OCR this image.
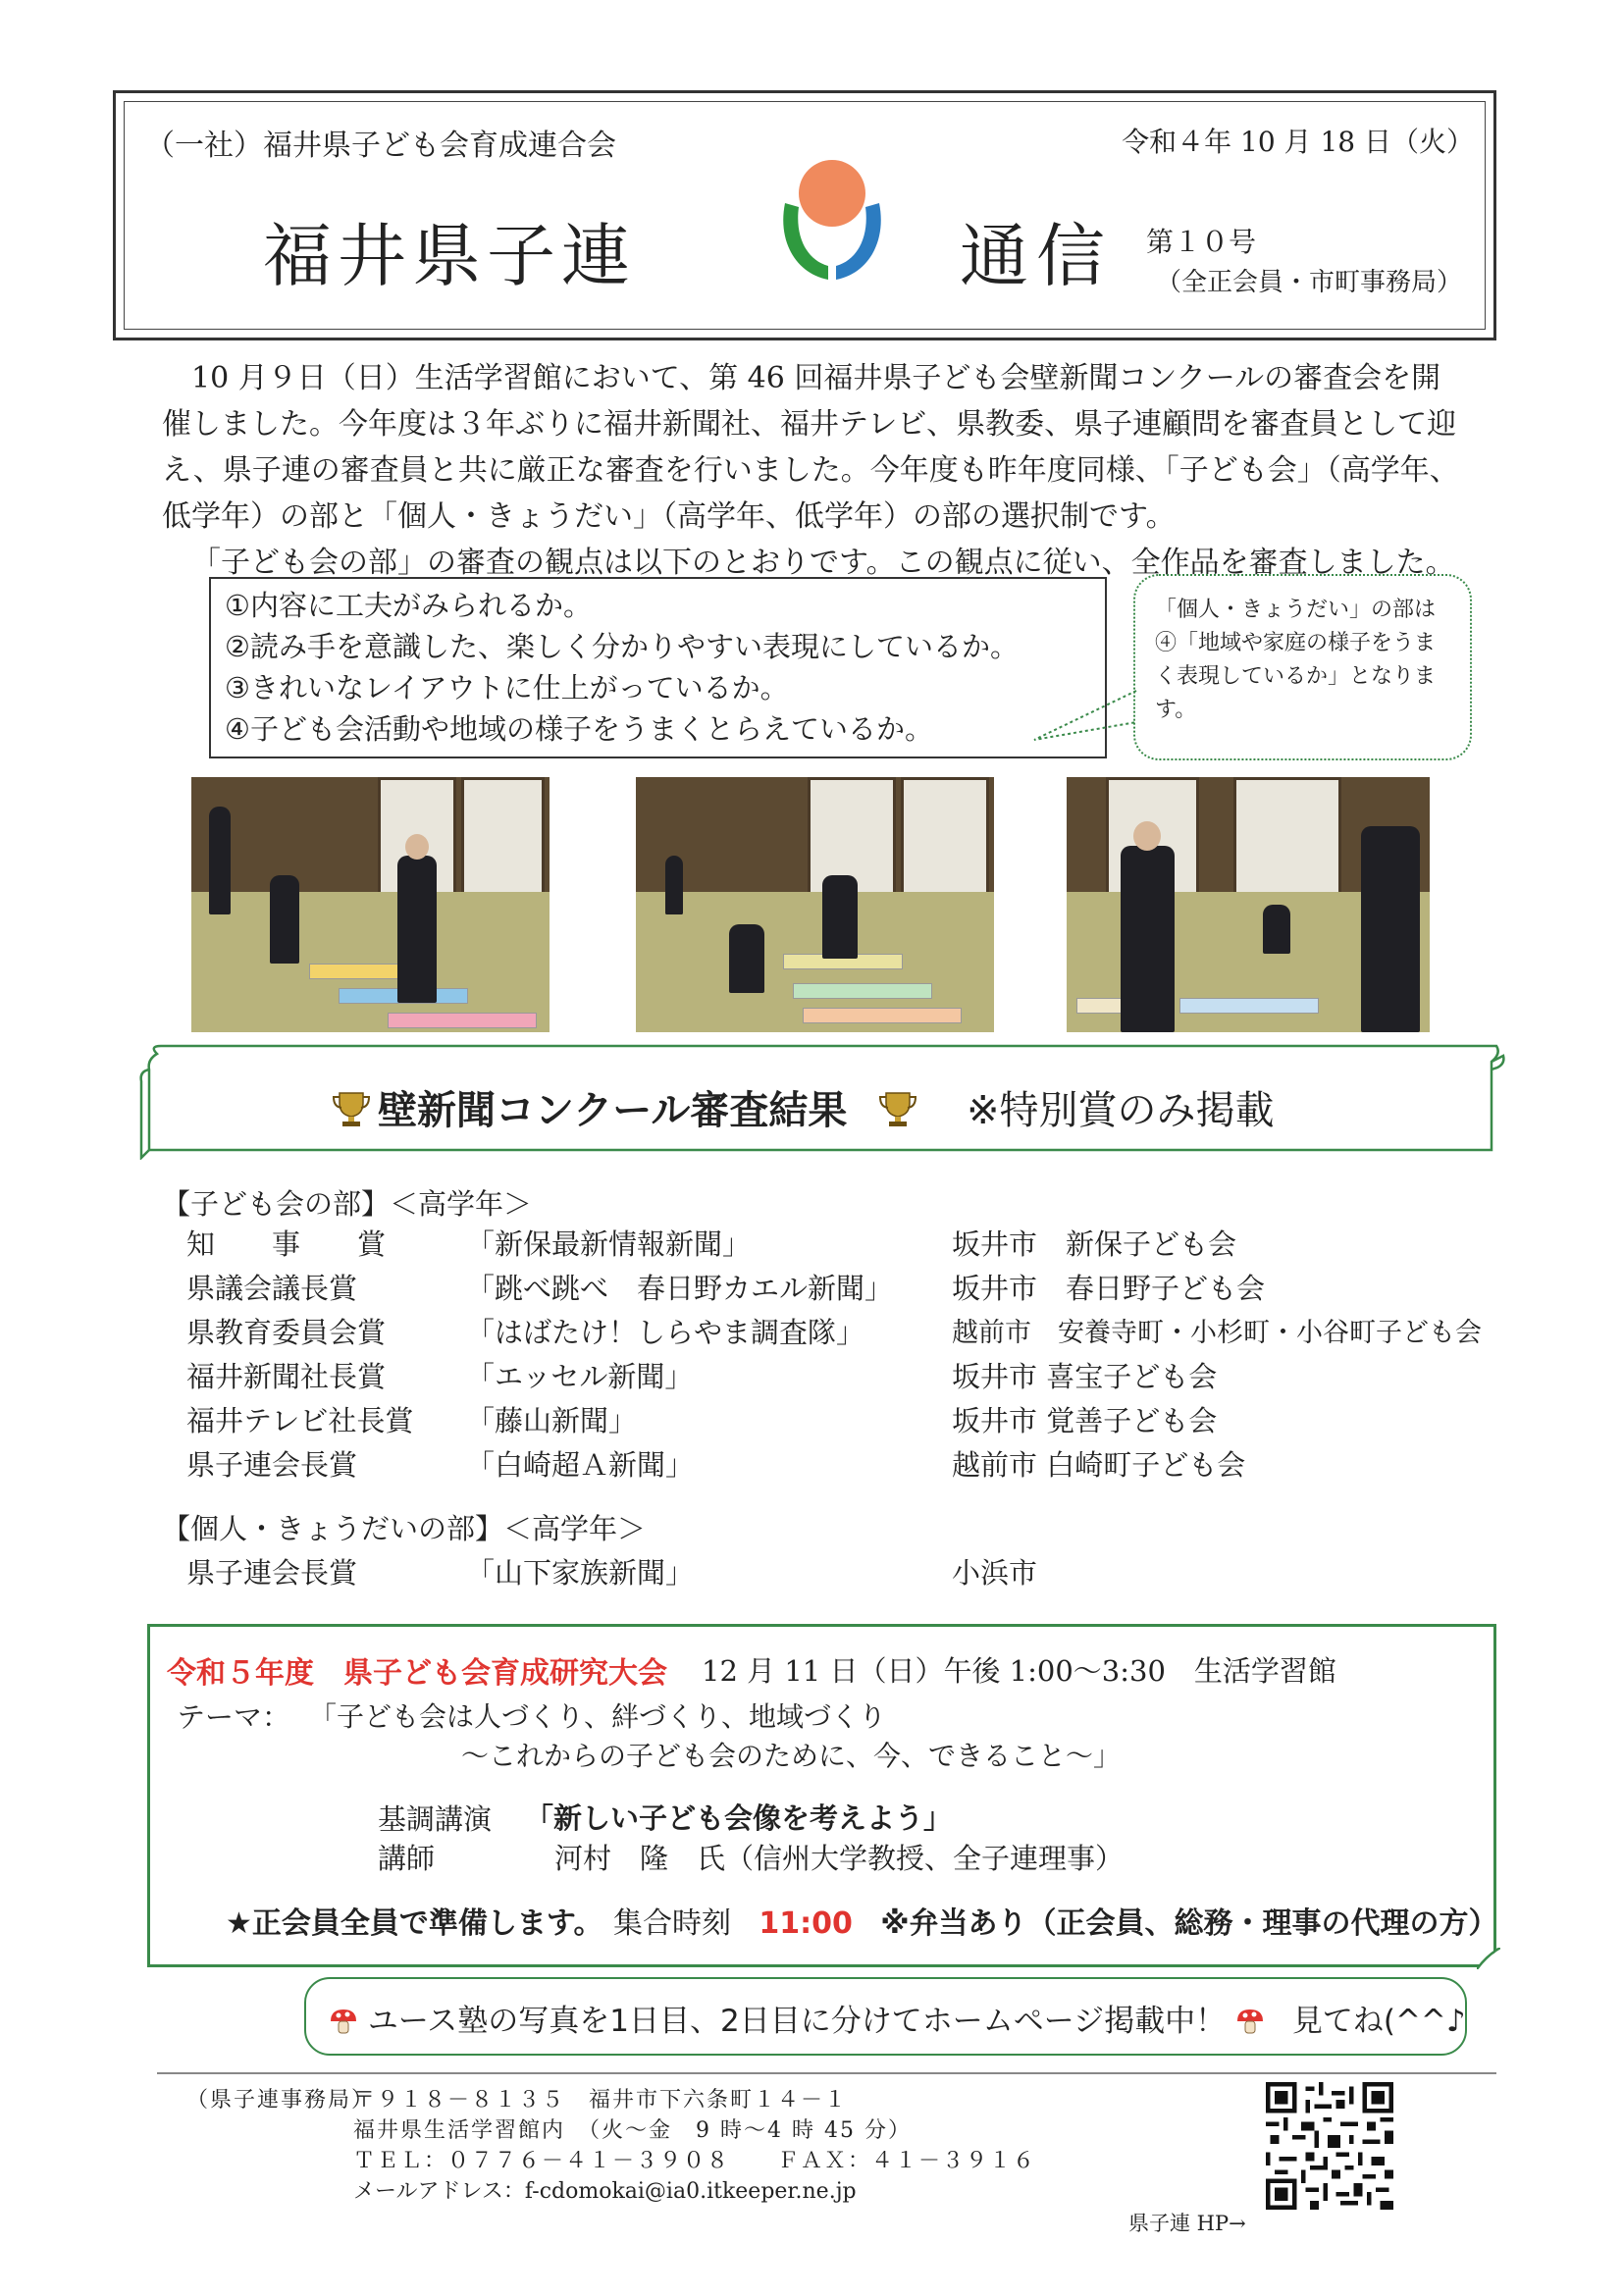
（一社）福井県子ども会育成連合会	令和４年 10 月 18 日（火）
福井県子連	通信 第１０号
（全正会員・市町事務局）

10 月９日（日）生活学習館において、第 46 回福井県子ども会壁新聞コンクールの審査会を開催しました。今年度は３年ぶりに福井新聞社、福井テレビ、県教委、県子連顧問を審査員として迎え、県子連の審査員と共に厳正な審査を行いました。今年度も昨年度同様、「子ども会」（高学年、低学年）の部と「個人・きょうだい」（高学年、低学年）の部の選択制です。

「子ども会の部」の審査の観点は以下のとおりです。この観点に従い、全作品を審査しました。

①内容に工夫がみられるか。
②読み手を意識した、楽しく分かりやすい表現にしているか。
③きれいなレイアウトに仕上がっているか。
④子ども会活動や地域の様子をうまくとらえているか。
「個人・きょうだい」の部は④「地域や家庭の様子をうまく表現しているか」となります。
壁新聞コンクール審査結果	※特別賞のみ掲載
【子ども会の部】＜高学年＞
知　　事　　賞	「新保最新情報新聞」	坂井市　新保子ども会
県議会議長賞	「跳べ跳べ　春日野カエル新聞」 坂井市　春日野子ども会
県教育委員会賞	「はばたけ！しらやま調査隊」	越前市　安養寺町・小杉町・小谷町子ども会
福井新聞社長賞	「エッセル新聞」	坂井市 喜宝子ども会
福井テレビ社長賞 「藤山新聞」	坂井市 覚善子ども会
県子連会長賞	「白崎超Ａ新聞」	越前市 白崎町子ども会
【個人・きょうだいの部】＜高学年＞
県子連会長賞	「山下家族新聞」	小浜市
令和５年度　県子ども会育成研究大会 12 月 11 日（日）午後 1:00～3:30　生活学習館
テーマ： 「子ども会は人づくり、絆づくり、地域づくり
～これからの子ども会のために、今、できること～」
基調講演 「新しい子ども会像を考えよう」
講師	河村　隆　氏（信州大学教授、全子連理事）
★正会員全員で準備します。 集合時刻 11:00 ※弁当あり（正会員、総務・理事の代理の方）
ユース塾の写真を1日目、2日目に分けてホームページ掲載中！ 見てね(^^♪
（県子連事務局）
〒９１８－８１３５　福井市下六条町１４－１
福井県生活学習館内　（火～金　9 時～4 時 45 分）
ＴＥＬ：０７７６－４１－３９０８　　ＦＡＸ：４１－３９１６
メールアドレス：f-cdomokai@ia0.itkeeper.ne.jp
県子連 HP→
